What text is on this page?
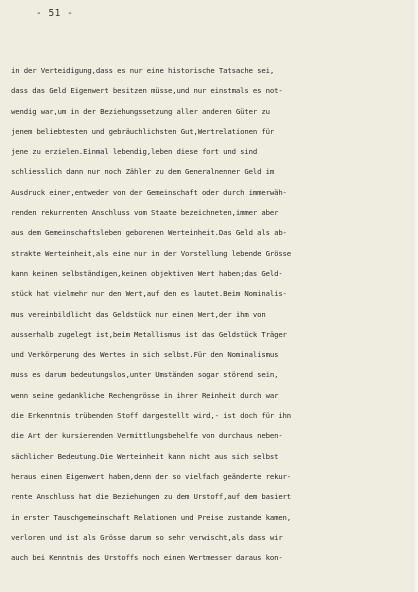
- 51 -
in der Verteidigung,dass es nur eine historische Tatsache sei,
dass das Geld Eigenwert besitzen müsse,und nur einstmals es not-
wendig war,um in der Beziehungssetzung aller anderen Güter zu
jenem beliebtesten und gebräuchlichsten Gut,Wertrelationen für
jene zu erzielen.Einmal lebendig,leben diese fort und sind
schliesslich dann nur noch Zähler zu dem Generalnenner Geld im
Ausdruck einer,entweder von der Gemeinschaft oder durch immerwäh-
renden rekurrenten Anschluss vom Staate bezeichneten,immer aber
aus dem Gemeinschaftsleben geborenen Werteinheit.Das Geld als ab-
strakte Werteinheit,als eine nur in der Vorstellung lebende Grösse
kann keinen selbständigen,keinen objektiven Wert haben;das Geld-
stück hat vielmehr nur den Wert,auf den es lautet.Beim Nominalis-
mus vereinbildlicht das Geldstück nur einen Wert,der ihm von
ausserhalb zugelegt ist,beim Metallismus ist das Geldstück Träger
und Verkörperung des Wertes in sich selbst.Für den Nominalismus
muss es darum bedeutungslos,unter Umständen sogar störend sein,
wenn seine gedankliche Rechengrösse in ihrer Reinheit durch war
die Erkenntnis trübenden Stoff dargestellt wird,- ist doch für ihn
die Art der kursierenden Vermittlungsbehelfe von durchaus neben-
sächlicher Bedeutung.Die Werteinheit kann nicht aus sich selbst
heraus einen Eigenwert haben,denn der so vielfach geänderte rekur-
rente Anschluss hat die Beziehungen zu dem Urstoff,auf dem basiert
in erster Tauschgemeinschaft Relationen und Preise zustande kamen,
verloren und ist als Grösse darum so sehr verwischt,als dass wir
auch bei Kenntnis des Urstoffs noch einen Wertmesser daraus kon-
